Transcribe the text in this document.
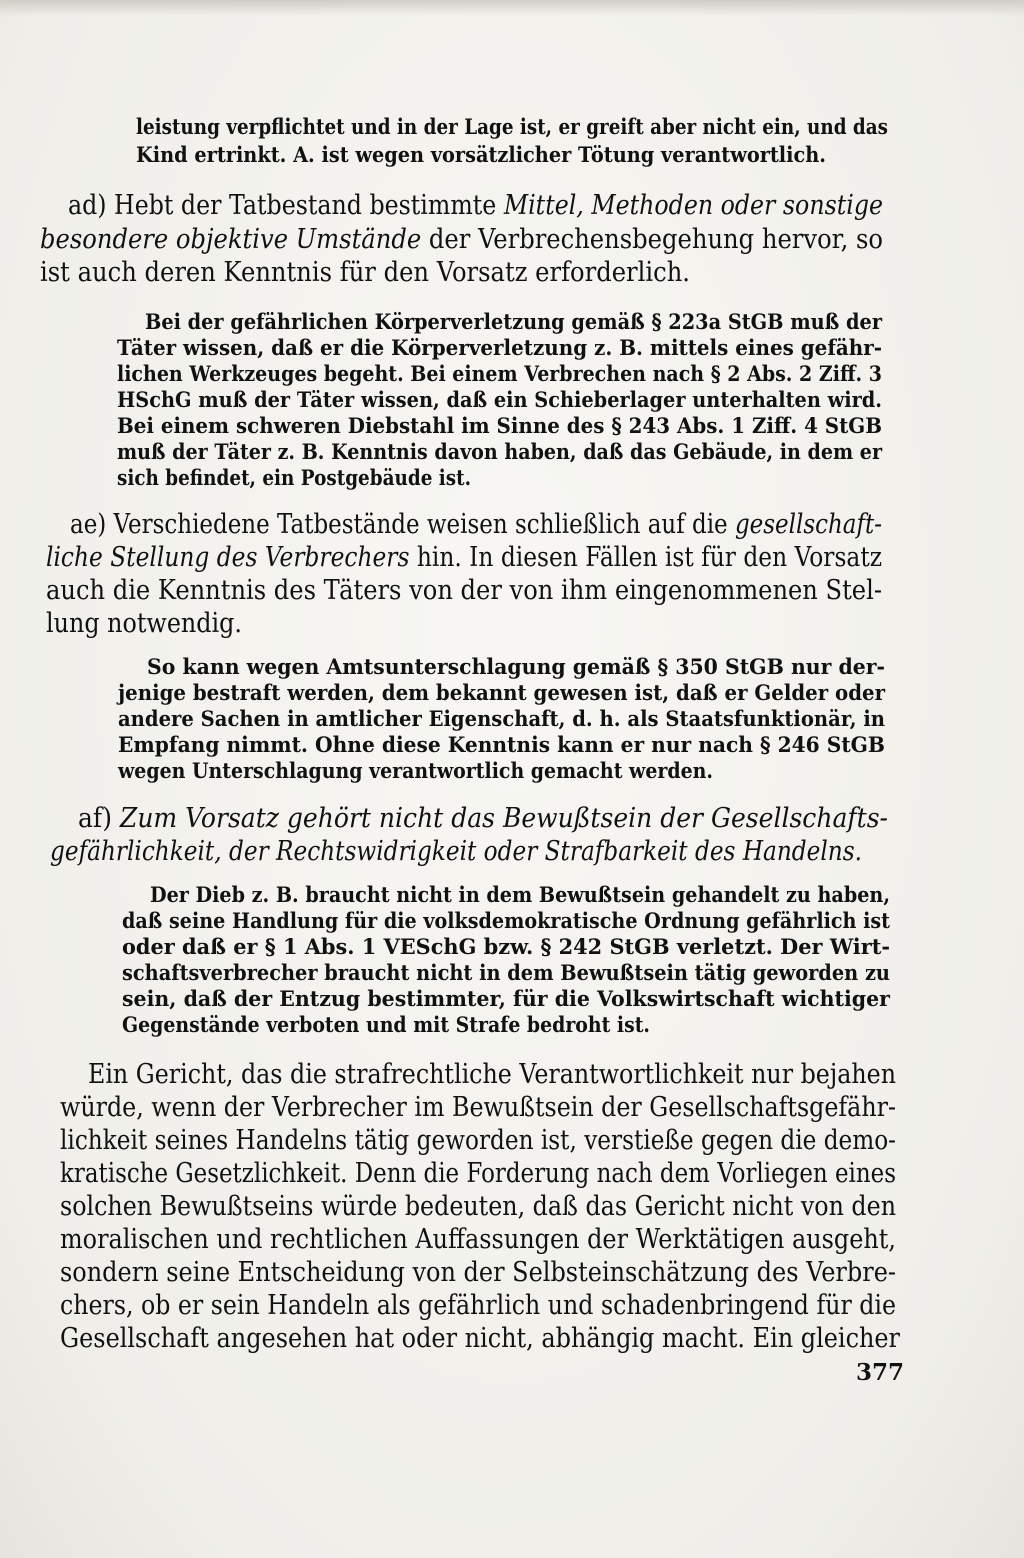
leistung verpflichtet und in der Lage ist, er greift aber nicht ein, und das

Kind ertrinkt. A. ist wegen vorsätzlicher Tötung verantwortlich.

ad) Hebt der Tatbestand bestimmte Mittel, Methoden oder sonstige

besondere objektive Umstände der Verbrechensbegehung hervor, so

ist auch deren Kenntnis für den Vorsatz erforderlich.

Bei der gefährlichen Körperverletzung gemäß § 223a StGB muß der

Täter wissen, daß er die Körperverletzung z. B. mittels eines gefähr-

lichen Werkzeuges begeht. Bei einem Verbrechen nach § 2 Abs. 2 Ziff. 3

HSchG muß der Täter wissen, daß ein Schieberlager unterhalten wird.

Bei einem schweren Diebstahl im Sinne des § 243 Abs. 1 Ziff. 4 StGB

muß der Täter z. B. Kenntnis davon haben, daß das Gebäude, in dem er

sich befindet, ein Postgebäude ist.

ae) Verschiedene Tatbestände weisen schließlich auf die gesellschaft-

liche Stellung des Verbrechers hin. In diesen Fällen ist für den Vorsatz

auch die Kenntnis des Täters von der von ihm eingenommenen Stel-

lung notwendig.

So kann wegen Amtsunterschlagung gemäß § 350 StGB nur der-

jenige bestraft werden, dem bekannt gewesen ist, daß er Gelder oder

andere Sachen in amtlicher Eigenschaft, d. h. als Staatsfunktionär, in

Empfang nimmt. Ohne diese Kenntnis kann er nur nach § 246 StGB

wegen Unterschlagung verantwortlich gemacht werden.

af) Zum Vorsatz gehört nicht das Bewußtsein der Gesellschafts-

gefährlichkeit, der Rechtswidrigkeit oder Strafbarkeit des Handelns.

Der Dieb z. B. braucht nicht in dem Bewußtsein gehandelt zu haben,

daß seine Handlung für die volksdemokratische Ordnung gefährlich ist

oder daß er § 1 Abs. 1 VESchG bzw. § 242 StGB verletzt. Der Wirt-

schaftsverbrecher braucht nicht in dem Bewußtsein tätig geworden zu

sein, daß der Entzug bestimmter, für die Volkswirtschaft wichtiger

Gegenstände verboten und mit Strafe bedroht ist.

Ein Gericht, das die strafrechtliche Verantwortlichkeit nur bejahen

würde, wenn der Verbrecher im Bewußtsein der Gesellschaftsgefähr-

lichkeit seines Handelns tätig geworden ist, verstieße gegen die demo-

kratische Gesetzlichkeit. Denn die Forderung nach dem Vorliegen eines

solchen Bewußtseins würde bedeuten, daß das Gericht nicht von den

moralischen und rechtlichen Auffassungen der Werktätigen ausgeht,

sondern seine Entscheidung von der Selbsteinschätzung des Verbre-

chers, ob er sein Handeln als gefährlich und schadenbringend für die

Gesellschaft angesehen hat oder nicht, abhängig macht. Ein gleicher

377
